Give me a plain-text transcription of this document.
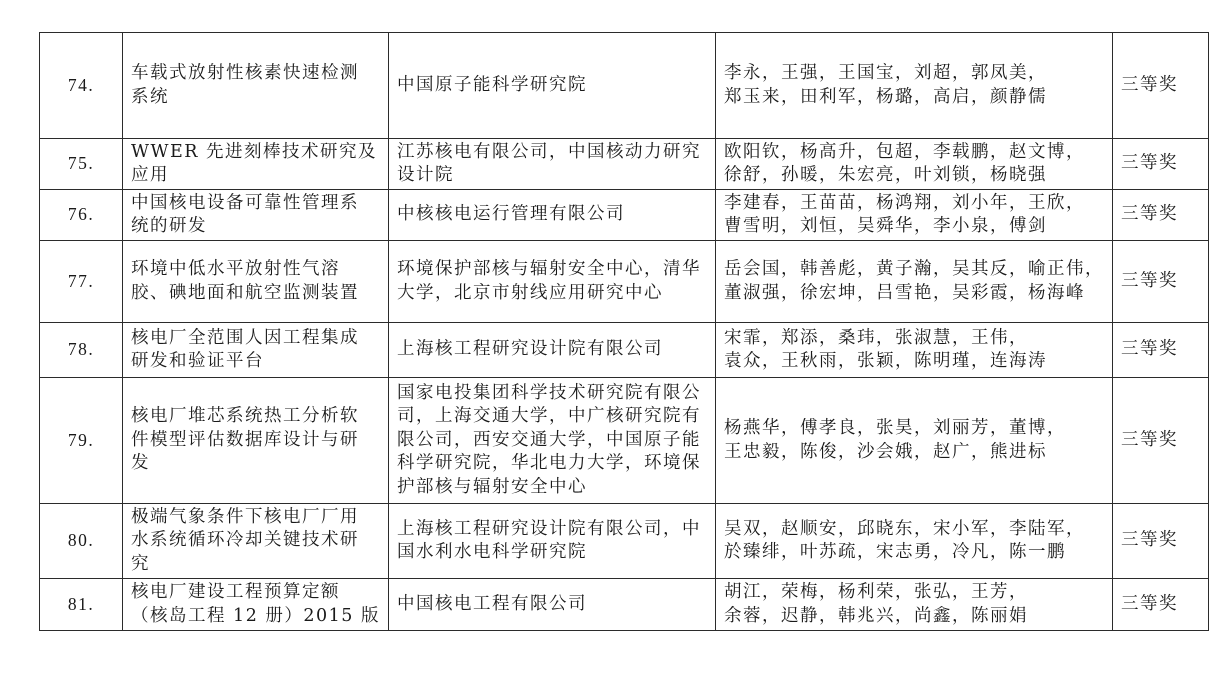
74.	车载式放射性核素快速检测
系统	中国原子能科学研究院	李永，王强，王国宝，刘超，郭凤美，
郑玉来，田利军，杨璐，高启，颜静儒	三等奖
75.	WWER 先进刻棒技术研究及
应用	江苏核电有限公司，中国核动力研究
设计院	欧阳钦，杨高升，包超，李载鹏，赵文博，
徐舒，孙暖，朱宏亮，叶刘锁，杨晓强	三等奖
76.	中国核电设备可靠性管理系
统的研发	中核核电运行管理有限公司	李建春，王苗苗，杨鸿翔，刘小年，王欣，
曹雪明，刘恒，吴舜华，李小泉，傅剑	三等奖
77.	环境中低水平放射性气溶
胶、碘地面和航空监测装置	环境保护部核与辐射安全中心，清华
大学，北京市射线应用研究中心	岳会国，韩善彪，黄子瀚，吴其反，喻正伟，
董淑强，徐宏坤，吕雪艳，吴彩霞，杨海峰	三等奖
78.	核电厂全范围人因工程集成
研发和验证平台	上海核工程研究设计院有限公司	宋霏，郑添，桑玮，张淑慧，王伟，
袁众，王秋雨，张颖，陈明瑾，连海涛	三等奖
79.	核电厂堆芯系统热工分析软
件模型评估数据库设计与研
发	国家电投集团科学技术研究院有限公
司，上海交通大学，中广核研究院有
限公司，西安交通大学，中国原子能
科学研究院，华北电力大学，环境保
护部核与辐射安全中心	杨燕华，傅孝良，张昊，刘丽芳，董博，
王忠毅，陈俊，沙会娥，赵广，熊进标	三等奖
80.	极端气象条件下核电厂厂用
水系统循环冷却关键技术研
究	上海核工程研究设计院有限公司，中
国水利水电科学研究院	吴双，赵顺安，邱晓东，宋小军，李陆军，
於臻绯，叶苏疏，宋志勇，冷凡，陈一鹏	三等奖
81.	核电厂建设工程预算定额
（核岛工程 12 册）2015 版	中国核电工程有限公司	胡江，荣梅，杨利荣，张弘，王芳，
余蓉，迟静，韩兆兴，尚鑫，陈丽娟	三等奖
